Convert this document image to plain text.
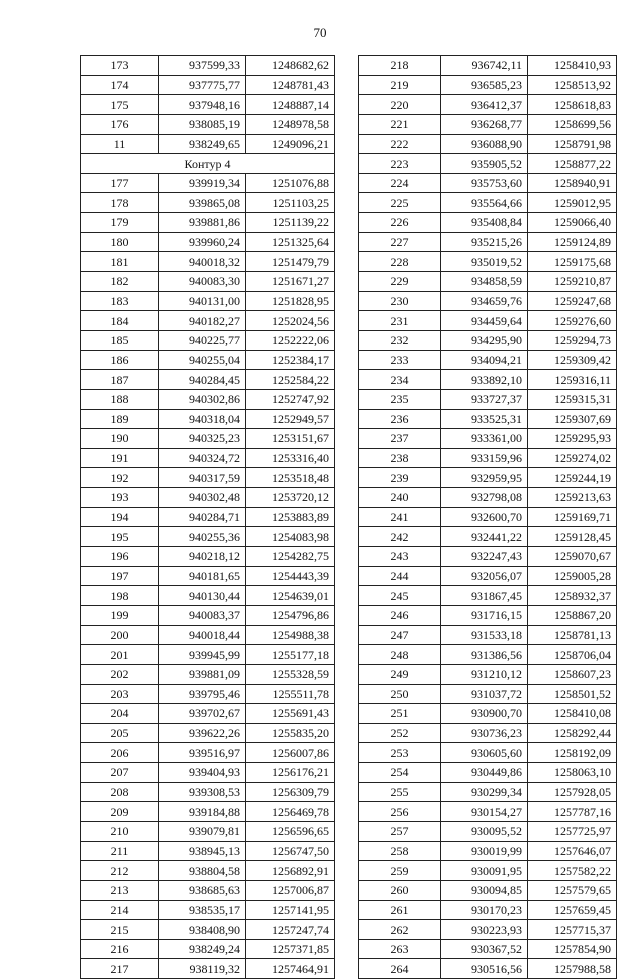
70
173	937599,33	1248682,62
174	937775,77	1248781,43
175	937948,16	1248887,14
176	938085,19	1248978,58
11	938249,65	1249096,21
Контур 4		
177	939919,34	1251076,88
178	939865,08	1251103,25
179	939881,86	1251139,22
180	939960,24	1251325,64
181	940018,32	1251479,79
182	940083,30	1251671,27
183	940131,00	1251828,95
184	940182,27	1252024,56
185	940225,77	1252222,06
186	940255,04	1252384,17
187	940284,45	1252584,22
188	940302,86	1252747,92
189	940318,04	1252949,57
190	940325,23	1253151,67
191	940324,72	1253316,40
192	940317,59	1253518,48
193	940302,48	1253720,12
194	940284,71	1253883,89
195	940255,36	1254083,98
196	940218,12	1254282,75
197	940181,65	1254443,39
198	940130,44	1254639,01
199	940083,37	1254796,86
200	940018,44	1254988,38
201	939945,99	1255177,18
202	939881,09	1255328,59
203	939795,46	1255511,78
204	939702,67	1255691,43
205	939622,26	1255835,20
206	939516,97	1256007,86
207	939404,93	1256176,21
208	939308,53	1256309,79
209	939184,88	1256469,78
210	939079,81	1256596,65
211	938945,13	1256747,50
212	938804,58	1256892,91
213	938685,63	1257006,87
214	938535,17	1257141,95
215	938408,90	1257247,74
216	938249,24	1257371,85
217	938119,32	1257464,91
218	936742,11	1258410,93
219	936585,23	1258513,92
220	936412,37	1258618,83
221	936268,77	1258699,56
222	936088,90	1258791,98
223	935905,52	1258877,22
224	935753,60	1258940,91
225	935564,66	1259012,95
226	935408,84	1259066,40
227	935215,26	1259124,89
228	935019,52	1259175,68
229	934858,59	1259210,87
230	934659,76	1259247,68
231	934459,64	1259276,60
232	934295,90	1259294,73
233	934094,21	1259309,42
234	933892,10	1259316,11
235	933727,37	1259315,31
236	933525,31	1259307,69
237	933361,00	1259295,93
238	933159,96	1259274,02
239	932959,95	1259244,19
240	932798,08	1259213,63
241	932600,70	1259169,71
242	932441,22	1259128,45
243	932247,43	1259070,67
244	932056,07	1259005,28
245	931867,45	1258932,37
246	931716,15	1258867,20
247	931533,18	1258781,13
248	931386,56	1258706,04
249	931210,12	1258607,23
250	931037,72	1258501,52
251	930900,70	1258410,08
252	930736,23	1258292,44
253	930605,60	1258192,09
254	930449,86	1258063,10
255	930299,34	1257928,05
256	930154,27	1257787,16
257	930095,52	1257725,97
258	930019,99	1257646,07
259	930091,95	1257582,22
260	930094,85	1257579,65
261	930170,23	1257659,45
262	930223,93	1257715,37
263	930367,52	1257854,90
264	930516,56	1257988,58
